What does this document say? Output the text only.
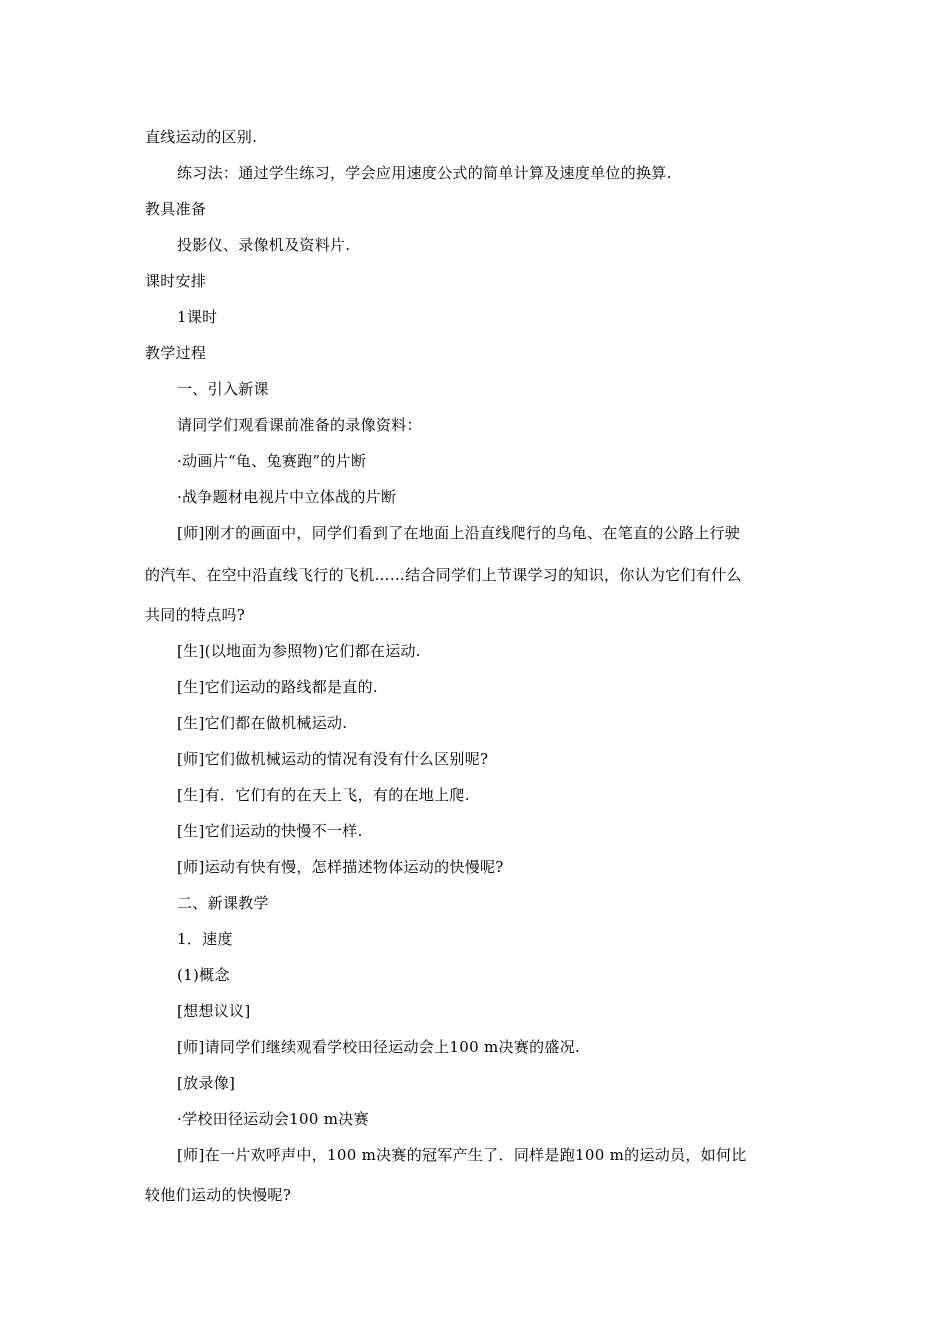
直线运动的区别.
练习法：通过学生练习，学会应用速度公式的简单计算及速度单位的换算.
教具准备
投影仪、录像机及资料片.
课时安排
1课时
教学过程
一、引入新课
请同学们观看课前准备的录像资料：
·动画片“龟、兔赛跑”的片断
·战争题材电视片中立体战的片断
[师]刚才的画面中，同学们看到了在地面上沿直线爬行的乌龟、在笔直的公路上行驶
的汽车、在空中沿直线飞行的飞机……结合同学们上节课学习的知识，你认为它们有什么
共同的特点吗?
[生](以地面为参照物)它们都在运动.
[生]它们运动的路线都是直的.
[生]它们都在做机械运动.
[师]它们做机械运动的情况有没有什么区别呢?
[生]有．它们有的在天上飞，有的在地上爬.
[生]它们运动的快慢不一样.
[师]运动有快有慢，怎样描述物体运动的快慢呢?
二、新课教学
1．速度
(1)概念
[想想议议]
[师]请同学们继续观看学校田径运动会上100 m决赛的盛况.
[放录像]
·学校田径运动会100 m决赛
[师]在一片欢呼声中，100 m决赛的冠军产生了．同样是跑100 m的运动员，如何比
较他们运动的快慢呢?
